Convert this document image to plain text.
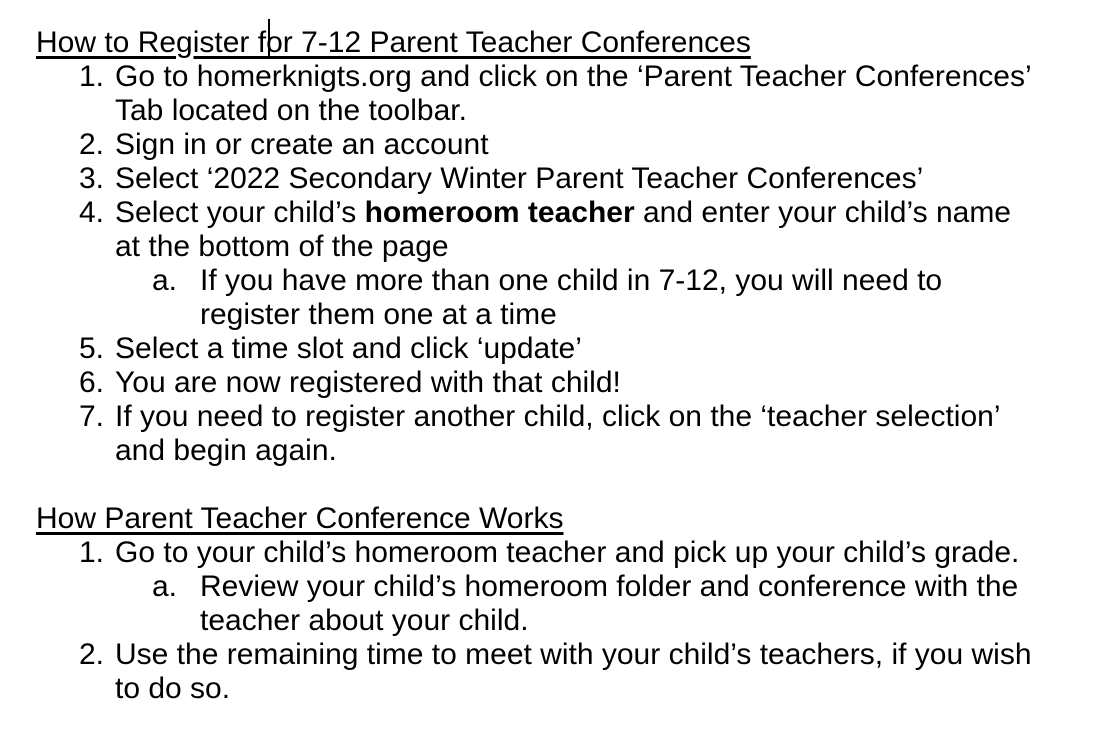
How to Register for 7-12 Parent Teacher Conferences
1. Go to homerknigts.org and click on the ‘Parent Teacher Conferences’
Tab located on the toolbar.
2. Sign in or create an account
3. Select ‘2022 Secondary Winter Parent Teacher Conferences’
4. Select your child’s homeroom teacher and enter your child’s name
at the bottom of the page
a. If you have more than one child in 7-12, you will need to
register them one at a time
5. Select a time slot and click ‘update’
6. You are now registered with that child!
7. If you need to register another child, click on the ‘teacher selection’
and begin again.
How Parent Teacher Conference Works
1. Go to your child’s homeroom teacher and pick up your child’s grade.
a. Review your child’s homeroom folder and conference with the
teacher about your child.
2. Use the remaining time to meet with your child’s teachers, if you wish
to do so.
